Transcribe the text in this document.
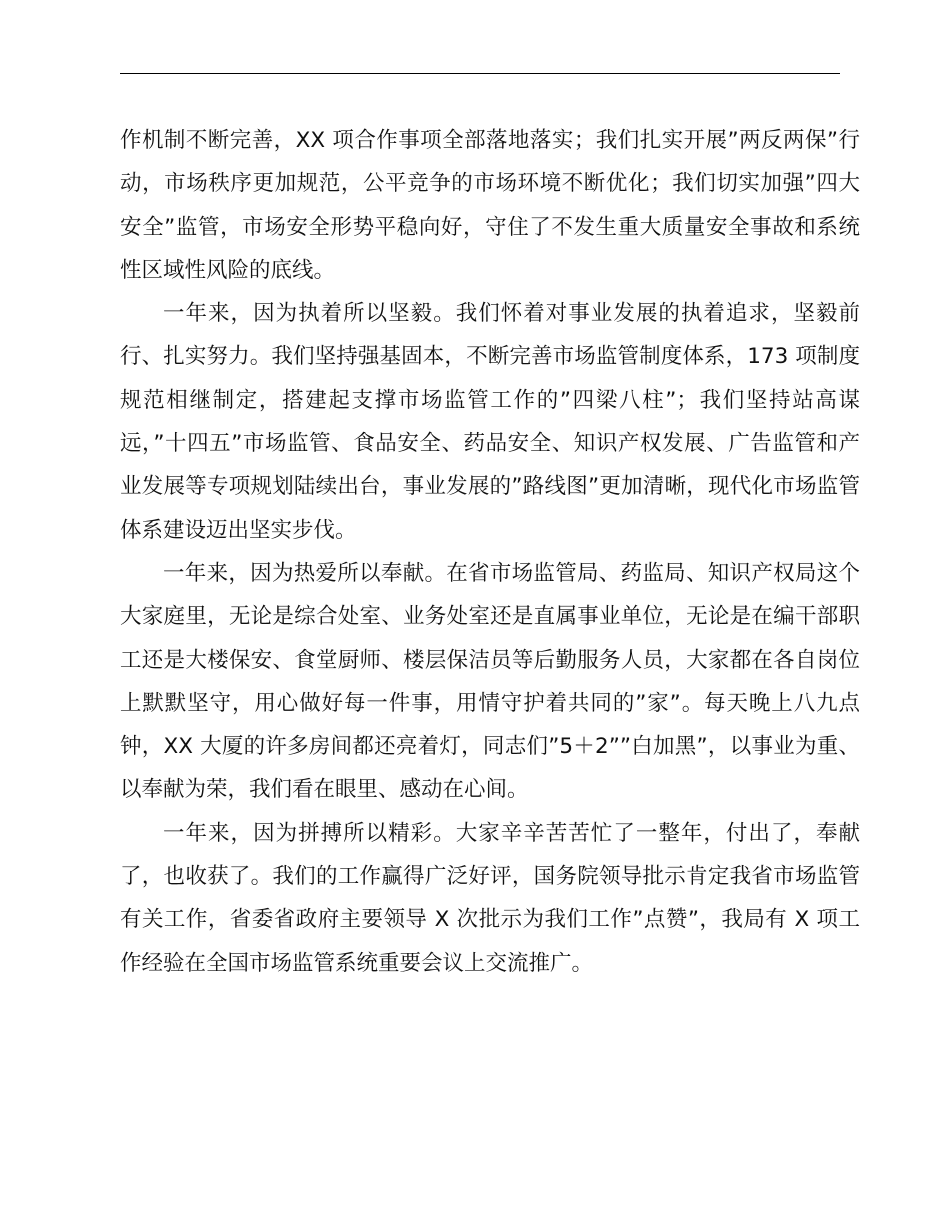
作机制不断完善，XX 项合作事项全部落地落实；我们扎实开展”两反两保”行动，市场秩序更加规范，公平竞争的市场环境不断优化；我们切实加强”四大安全”监管，市场安全形势平稳向好，守住了不发生重大质量安全事故和系统性区域性风险的底线。

一年来，因为执着所以坚毅。我们怀着对事业发展的执着追求，坚毅前行、扎实努力。我们坚持强基固本，不断完善市场监管制度体系，173 项制度规范相继制定，搭建起支撑市场监管工作的”四梁八柱”；我们坚持站高谋远，”十四五”市场监管、食品安全、药品安全、知识产权发展、广告监管和产业发展等专项规划陆续出台，事业发展的”路线图”更加清晰，现代化市场监管体系建设迈出坚实步伐。

一年来，因为热爱所以奉献。在省市场监管局、药监局、知识产权局这个大家庭里，无论是综合处室、业务处室还是直属事业单位，无论是在编干部职工还是大楼保安、食堂厨师、楼层保洁员等后勤服务人员，大家都在各自岗位上默默坚守，用心做好每一件事，用情守护着共同的”家”。每天晚上八九点钟，XX 大厦的许多房间都还亮着灯，同志们”5＋2””白加黑”，以事业为重、以奉献为荣，我们看在眼里、感动在心间。

一年来，因为拼搏所以精彩。大家辛辛苦苦忙了一整年，付出了，奉献了，也收获了。我们的工作赢得广泛好评，国务院领导批示肯定我省市场监管有关工作，省委省政府主要领导 X 次批示为我们工作”点赞”，我局有 X 项工作经验在全国市场监管系统重要会议上交流推广。
